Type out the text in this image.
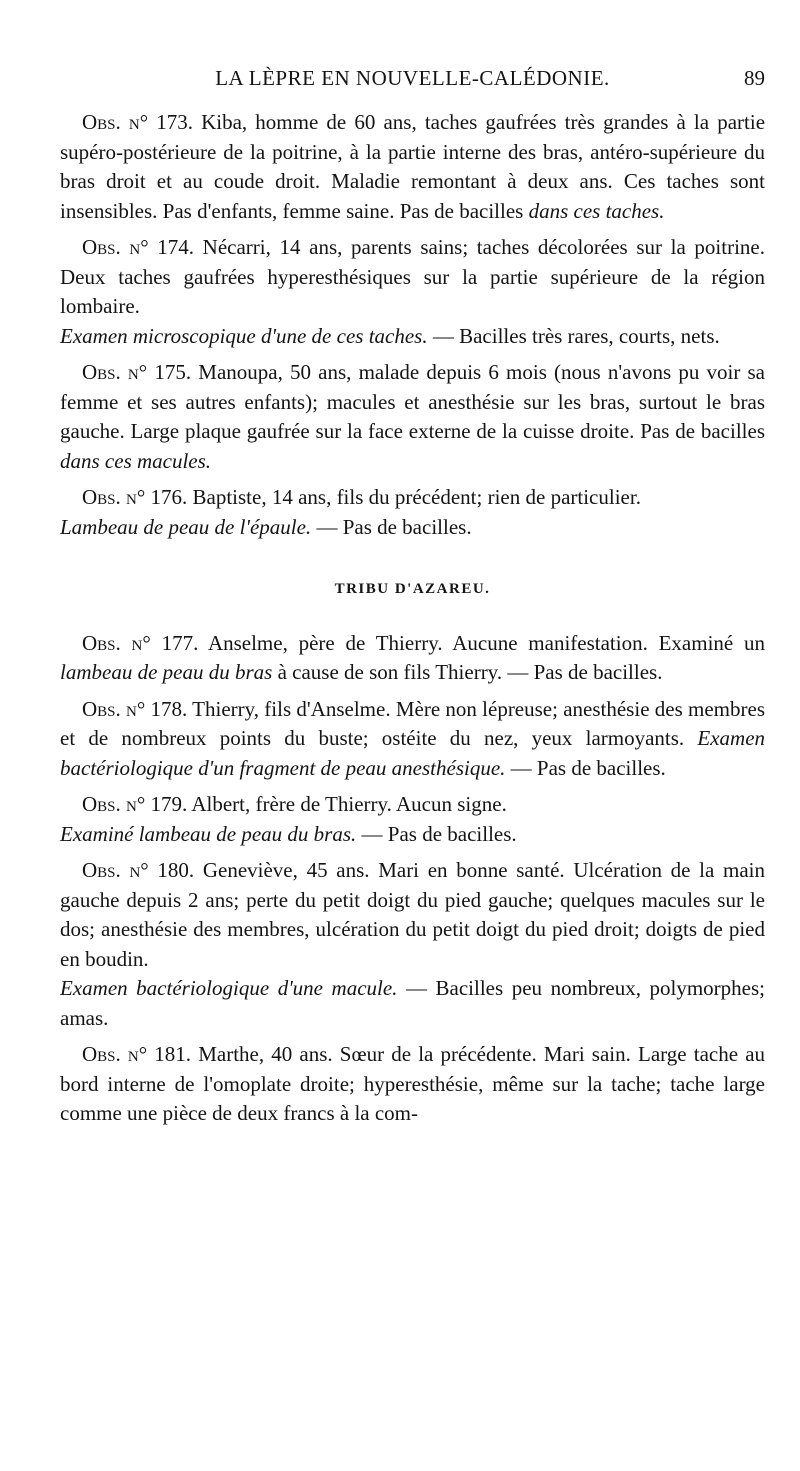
LA LÈPRE EN NOUVELLE-CALÉDONIE.	89

Obs. n° 173. Kiba, homme de 60 ans, taches gaufrées très grandes à la partie supéro-postérieure de la poitrine, à la partie interne des bras, antéro-supérieure du bras droit et au coude droit. Maladie remontant à deux ans. Ces taches sont insensibles. Pas d'enfants, femme saine. Pas de bacilles dans ces taches.

Obs. n° 174. Nécarri, 14 ans, parents sains; taches décolorées sur la poitrine. Deux taches gaufrées hyperesthésiques sur la partie supérieure de la région lombaire.

Examen microscopique d'une de ces taches. — Bacilles très rares, courts, nets.

Obs. n° 175. Manoupa, 50 ans, malade depuis 6 mois (nous n'avons pu voir sa femme et ses autres enfants); macules et anesthésie sur les bras, surtout le bras gauche. Large plaque gaufrée sur la face externe de la cuisse droite. Pas de bacilles dans ces macules.

Obs. n° 176. Baptiste, 14 ans, fils du précédent; rien de particulier.

Lambeau de peau de l'épaule. — Pas de bacilles.

TRIBU D'AZAREU.

Obs. n° 177. Anselme, père de Thierry. Aucune manifestation. Examiné un lambeau de peau du bras à cause de son fils Thierry. — Pas de bacilles.

Obs. n° 178. Thierry, fils d'Anselme. Mère non lépreuse; anesthésie des membres et de nombreux points du buste; ostéite du nez, yeux larmoyants. Examen bactériologique d'un fragment de peau anesthésique. — Pas de bacilles.

Obs. n° 179. Albert, frère de Thierry. Aucun signe.

Examiné lambeau de peau du bras. — Pas de bacilles.

Obs. n° 180. Geneviève, 45 ans. Mari en bonne santé. Ulcération de la main gauche depuis 2 ans; perte du petit doigt du pied gauche; quelques macules sur le dos; anesthésie des membres, ulcération du petit doigt du pied droit; doigts de pied en boudin.

Examen bactériologique d'une macule. — Bacilles peu nombreux, polymorphes; amas.

Obs. n° 181. Marthe, 40 ans. Sœur de la précédente. Mari sain. Large tache au bord interne de l'omoplate droite; hyperesthésie, même sur la tache; tache large comme une pièce de deux francs à la com-
